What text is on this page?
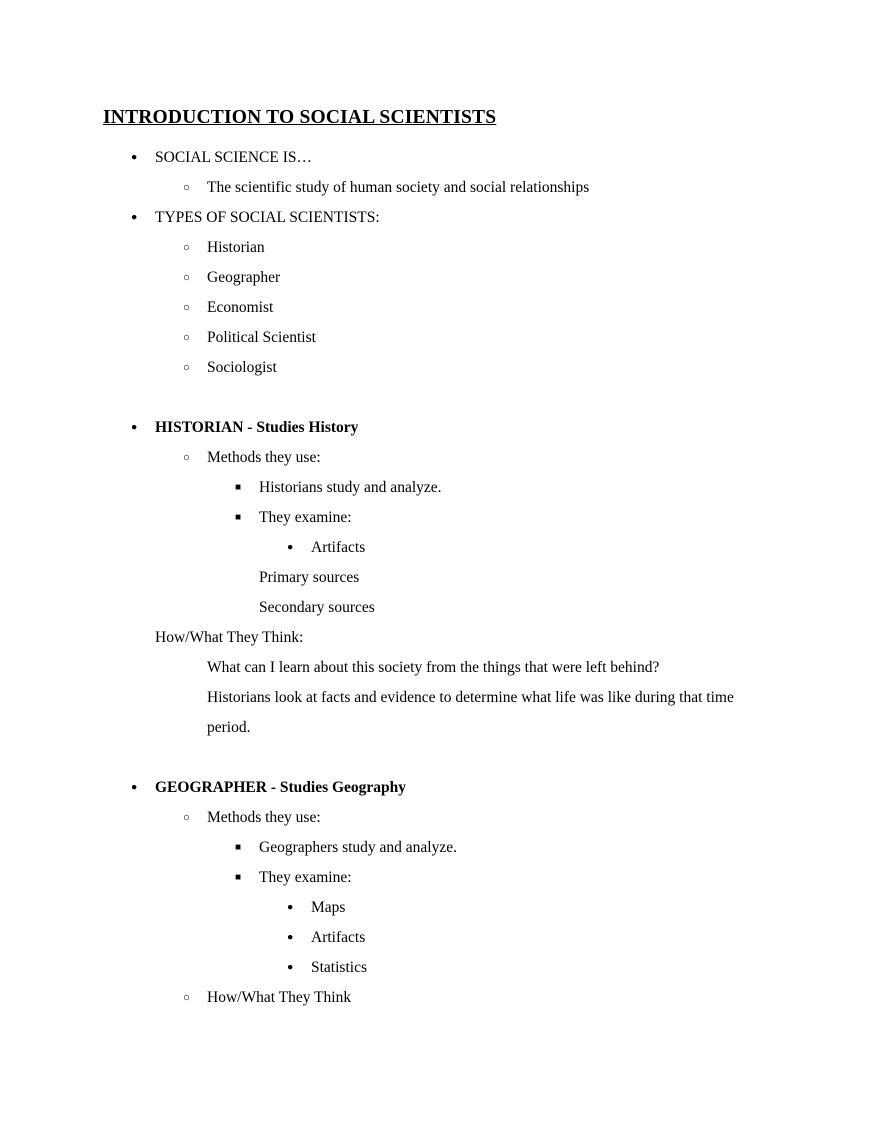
INTRODUCTION TO SOCIAL SCIENTISTS
●	SOCIAL SCIENCE IS…
○	The scientific study of human society and social relationships
●	TYPES OF SOCIAL SCIENTISTS:
○	Historian
○	Geographer
○	Economist
○	Political Scientist
○	Sociologist
●	HISTORIAN - Studies History
○	Methods they use:
■	Historians study and analyze.
■	They examine:
●	Artifacts
Primary sources
Secondary sources
How/What They Think:
What can I learn about this society from the things that were left behind?
Historians look at facts and evidence to determine what life was like during that time period.
●	GEOGRAPHER - Studies Geography
○	Methods they use:
■	Geographers study and analyze.
■	They examine:
●	Maps
●	Artifacts
●	Statistics
○	How/What They Think
